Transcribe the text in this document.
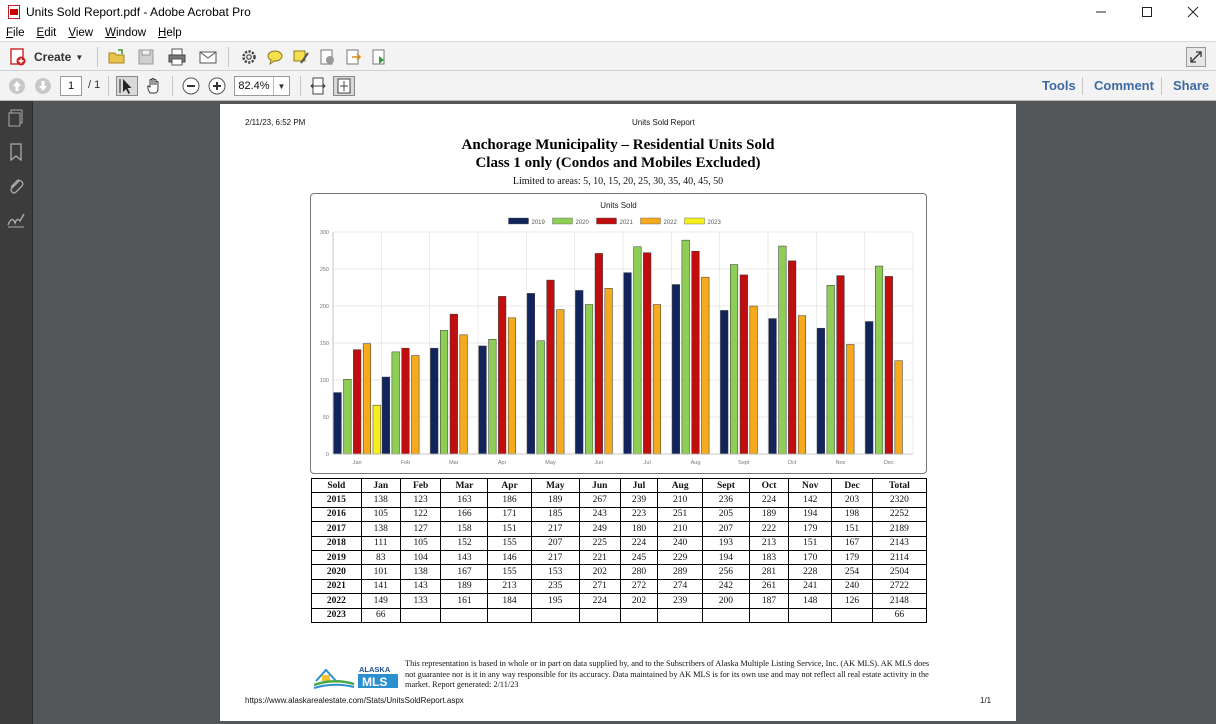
Units Sold Report.pdf - Adobe Acrobat Pro
File Edit View Window Help
Create ▼
1	/ 1	82.4% ▼	Tools Comment Share
2/11/23, 6:52 PM	Units Sold Report
Anchorage Municipality – Residential Units Sold
Class 1 only (Condos and Mobiles Excluded)
Limited to areas: 5, 10, 15, 20, 25, 30, 35, 40, 45, 50
Units Sold
2019	2020	2021	2022	2023
0
50
100
150
200
250
300
Jan	Feb	Mar	Apr	May	Jun	Jul	Aug	Sept	Oct	Nov	Dec
Sold	Jan	Feb	Mar	Apr	May	Jun	Jul	Aug	Sept	Oct	Nov	Dec	Total
2015	138	123	163	186	189	267	239	210	236	224	142	203	2320
2016	105	122	166	171	185	243	223	251	205	189	194	198	2252
2017	138	127	158	151	217	249	180	210	207	222	179	151	2189
2018	111	105	152	155	207	225	224	240	193	213	151	167	2143
2019	83	104	143	146	217	221	245	229	194	183	170	179	2114
2020	101	138	167	155	153	202	280	289	256	281	228	254	2504
2021	141	143	189	213	235	271	272	274	242	261	241	240	2722
2022	149	133	161	184	195	224	202	239	200	187	148	126	2148
2023	66												66
ALASKA
MLS
This representation is based in whole or in part on data supplied by, and to the Subscribers of Alaska Multiple Listing Service, Inc. (AK MLS). AK MLS does not guarantee nor is it in any way responsible for its accuracy. Data maintained by AK MLS is for its own use and may not reflect all real estate activity in the market. Report generated: 2/11/23
https://www.alaskarealestate.com/Stats/UnitsSoldReport.aspx	1/1
